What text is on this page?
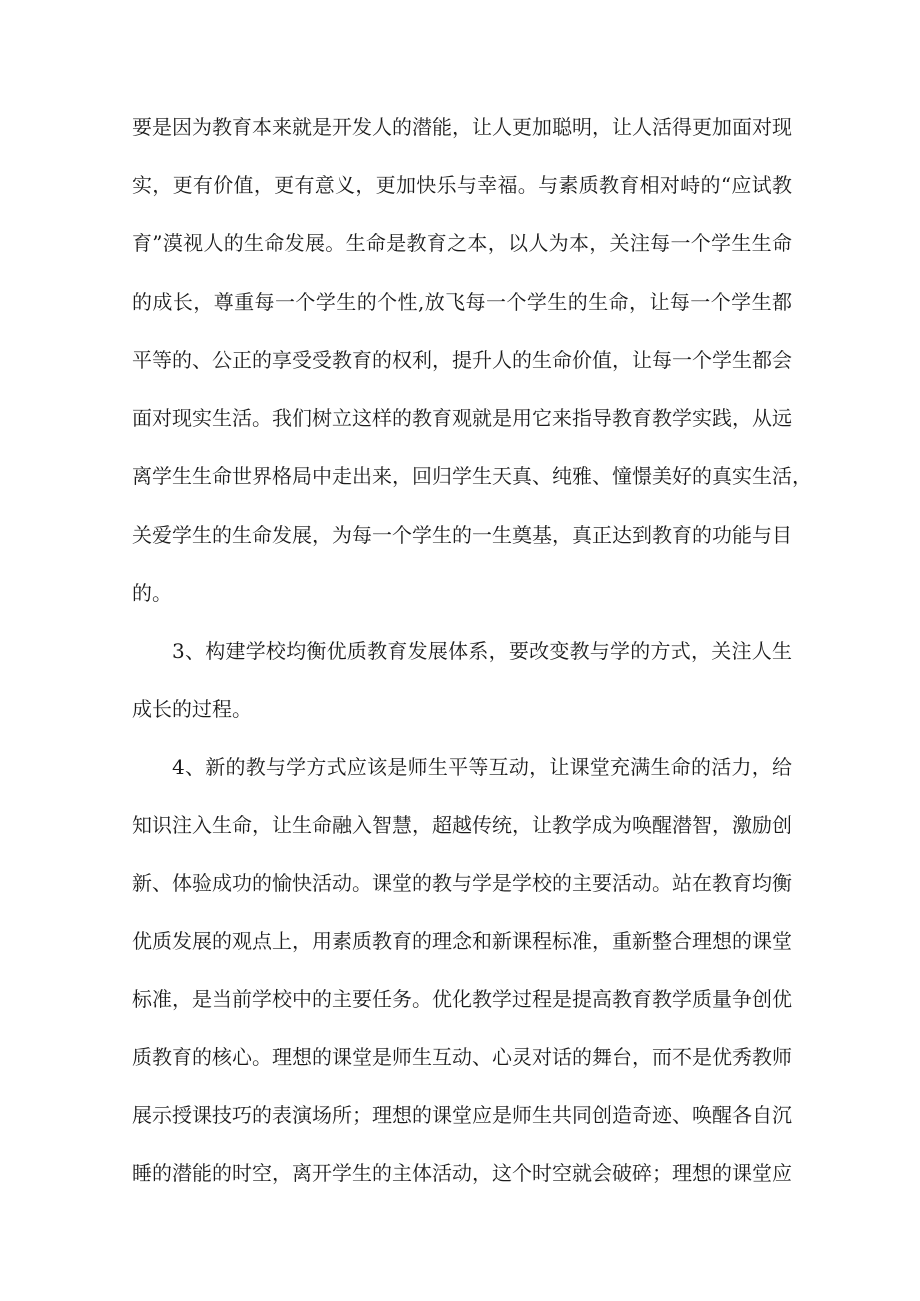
要是因为教育本来就是开发人的潜能，让人更加聪明，让人活得更加面对现

实，更有价值，更有意义，更加快乐与幸福。与素质教育相对峙的“应试教

育”漠视人的生命发展。生命是教育之本，以人为本，关注每一个学生生命

的成长，尊重每一个学生的个性,放飞每一个学生的生命，让每一个学生都

平等的、公正的享受受教育的权利，提升人的生命价值，让每一个学生都会

面对现实生活。我们树立这样的教育观就是用它来指导教育教学实践，从远

离学生生命世界格局中走出来，回归学生天真、纯雅、憧憬美好的真实生活，

关爱学生的生命发展，为每一个学生的一生奠基，真正达到教育的功能与目

的。

3、构建学校均衡优质教育发展体系，要改变教与学的方式，关注人生

成长的过程。

4、新的教与学方式应该是师生平等互动，让课堂充满生命的活力，给

知识注入生命，让生命融入智慧，超越传统，让教学成为唤醒潜智，激励创

新、体验成功的愉快活动。课堂的教与学是学校的主要活动。站在教育均衡

优质发展的观点上，用素质教育的理念和新课程标准，重新整合理想的课堂

标准，是当前学校中的主要任务。优化教学过程是提高教育教学质量争创优

质教育的核心。理想的课堂是师生互动、心灵对话的舞台，而不是优秀教师

展示授课技巧的表演场所；理想的课堂应是师生共同创造奇迹、唤醒各自沉

睡的潜能的时空，离开学生的主体活动，这个时空就会破碎；理想的课堂应
